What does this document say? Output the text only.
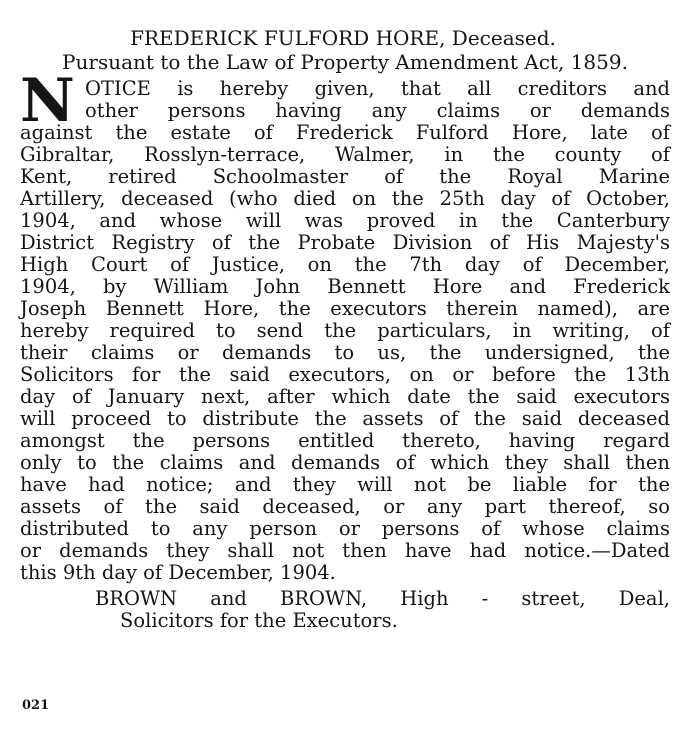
FREDERICK FULFORD HORE, Deceased.
Pursuant to the Law of Property Amendment Act, 1859.
N OTICE is hereby given, that all creditors and
other persons having any claims or demands
against the estate of Frederick Fulford Hore, late of
Gibraltar, Rosslyn-terrace, Walmer, in the county of
Kent, retired Schoolmaster of the Royal Marine
Artillery, deceased (who died on the 25th day of October,
1904, and whose will was proved in the Canterbury
District Registry of the Probate Division of His Majesty's
High Court of Justice, on the 7th day of December,
1904, by William John Bennett Hore and Frederick
Joseph Bennett Hore, the executors therein named), are
hereby required to send the particulars, in writing, of
their claims or demands to us, the undersigned, the
Solicitors for the said executors, on or before the 13th
day of January next, after which date the said executors
will proceed to distribute the assets of the said deceased
amongst the persons entitled thereto, having regard
only to the claims and demands of which they shall then
have had notice; and they will not be liable for the
assets of the said deceased, or any part thereof, so
distributed to any person or persons of whose claims
or demands they shall not then have had notice.—Dated
this 9th day of December, 1904.
BROWN and BROWN, High - street, Deal,
Solicitors for the Executors.
021
